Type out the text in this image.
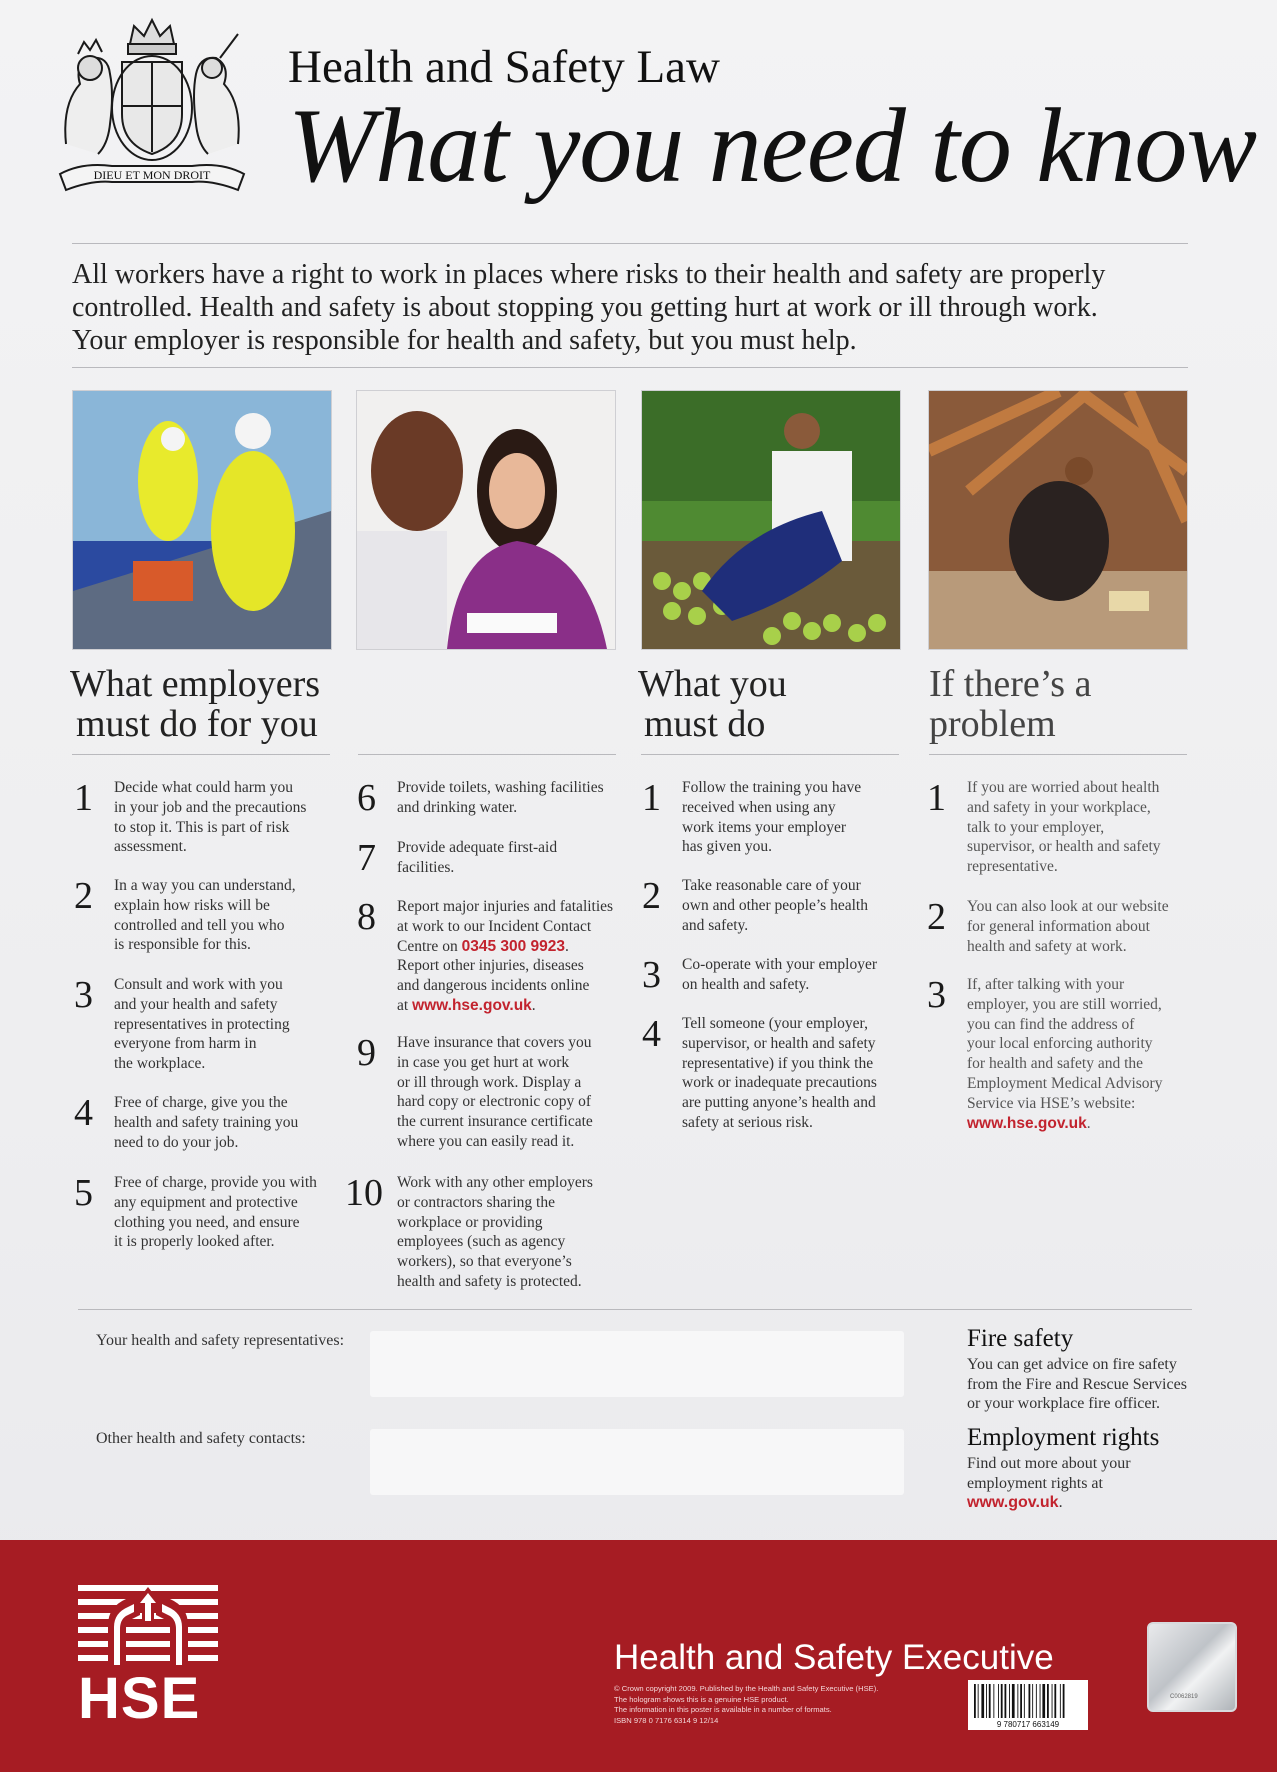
DIEU ET MON DROIT
Health and Safety Law
What you need to know
All workers have a right to work in places where risks to their health and safety are properly
controlled. Health and safety is about stopping you getting hurt at work or ill through work.
Your employer is responsible for health and safety, but you must help.
What employers
must do for you
What you
must do
If there’s a
problem
1	Decide what could harm you
in your job and the precautions
to stop it. This is part of risk
assessment.
2	In a way you can understand,
explain how risks will be
controlled and tell you who
is responsible for this.
3	Consult and work with you
and your health and safety
representatives in protecting
everyone from harm in
the workplace.
4	Free of charge, give you the
health and safety training you
need to do your job.
5	Free of charge, provide you with
any equipment and protective
clothing you need, and ensure
it is properly looked after.
6	Provide toilets, washing facilities
and drinking water.
7	Provide adequate first-aid
facilities.
8	Report major injuries and fatalities
at work to our Incident Contact
Centre on 0345 300 9923.
Report other injuries, diseases
and dangerous incidents online
at www.hse.gov.uk.
9	Have insurance that covers you
in case you get hurt at work
or ill through work. Display a
hard copy or electronic copy of
the current insurance certificate
where you can easily read it.
10 Work with any other employers
or contractors sharing the
workplace or providing
employees (such as agency
workers), so that everyone’s
health and safety is protected.
1	Follow the training you have
received when using any
work items your employer
has given you.
2	Take reasonable care of your
own and other people’s health
and safety.
3	Co-operate with your employer
on health and safety.
4	Tell someone (your employer,
supervisor, or health and safety
representative) if you think the
work or inadequate precautions
are putting anyone’s health and
safety at serious risk.
1	If you are worried about health
and safety in your workplace,
talk to your employer,
supervisor, or health and safety
representative.
2	You can also look at our website
for general information about
health and safety at work.
3	If, after talking with your
employer, you are still worried,
you can find the address of
your local enforcing authority
for health and safety and the
Employment Medical Advisory
Service via HSE’s website:
www.hse.gov.uk.
Your health and safety representatives:
Other health and safety contacts:
Fire safety
You can get advice on fire safety
from the Fire and Rescue Services
or your workplace fire officer.
Employment rights
Find out more about your
employment rights at
www.gov.uk.
HSE
Health and Safety Executive
© Crown copyright 2009. Published by the Health and Safety Executive (HSE).
The hologram shows this is a genuine HSE product.
The information in this poster is available in a number of formats.
ISBN 978 0 7176 6314 9 12/14	9 780717 663149
C0062819
